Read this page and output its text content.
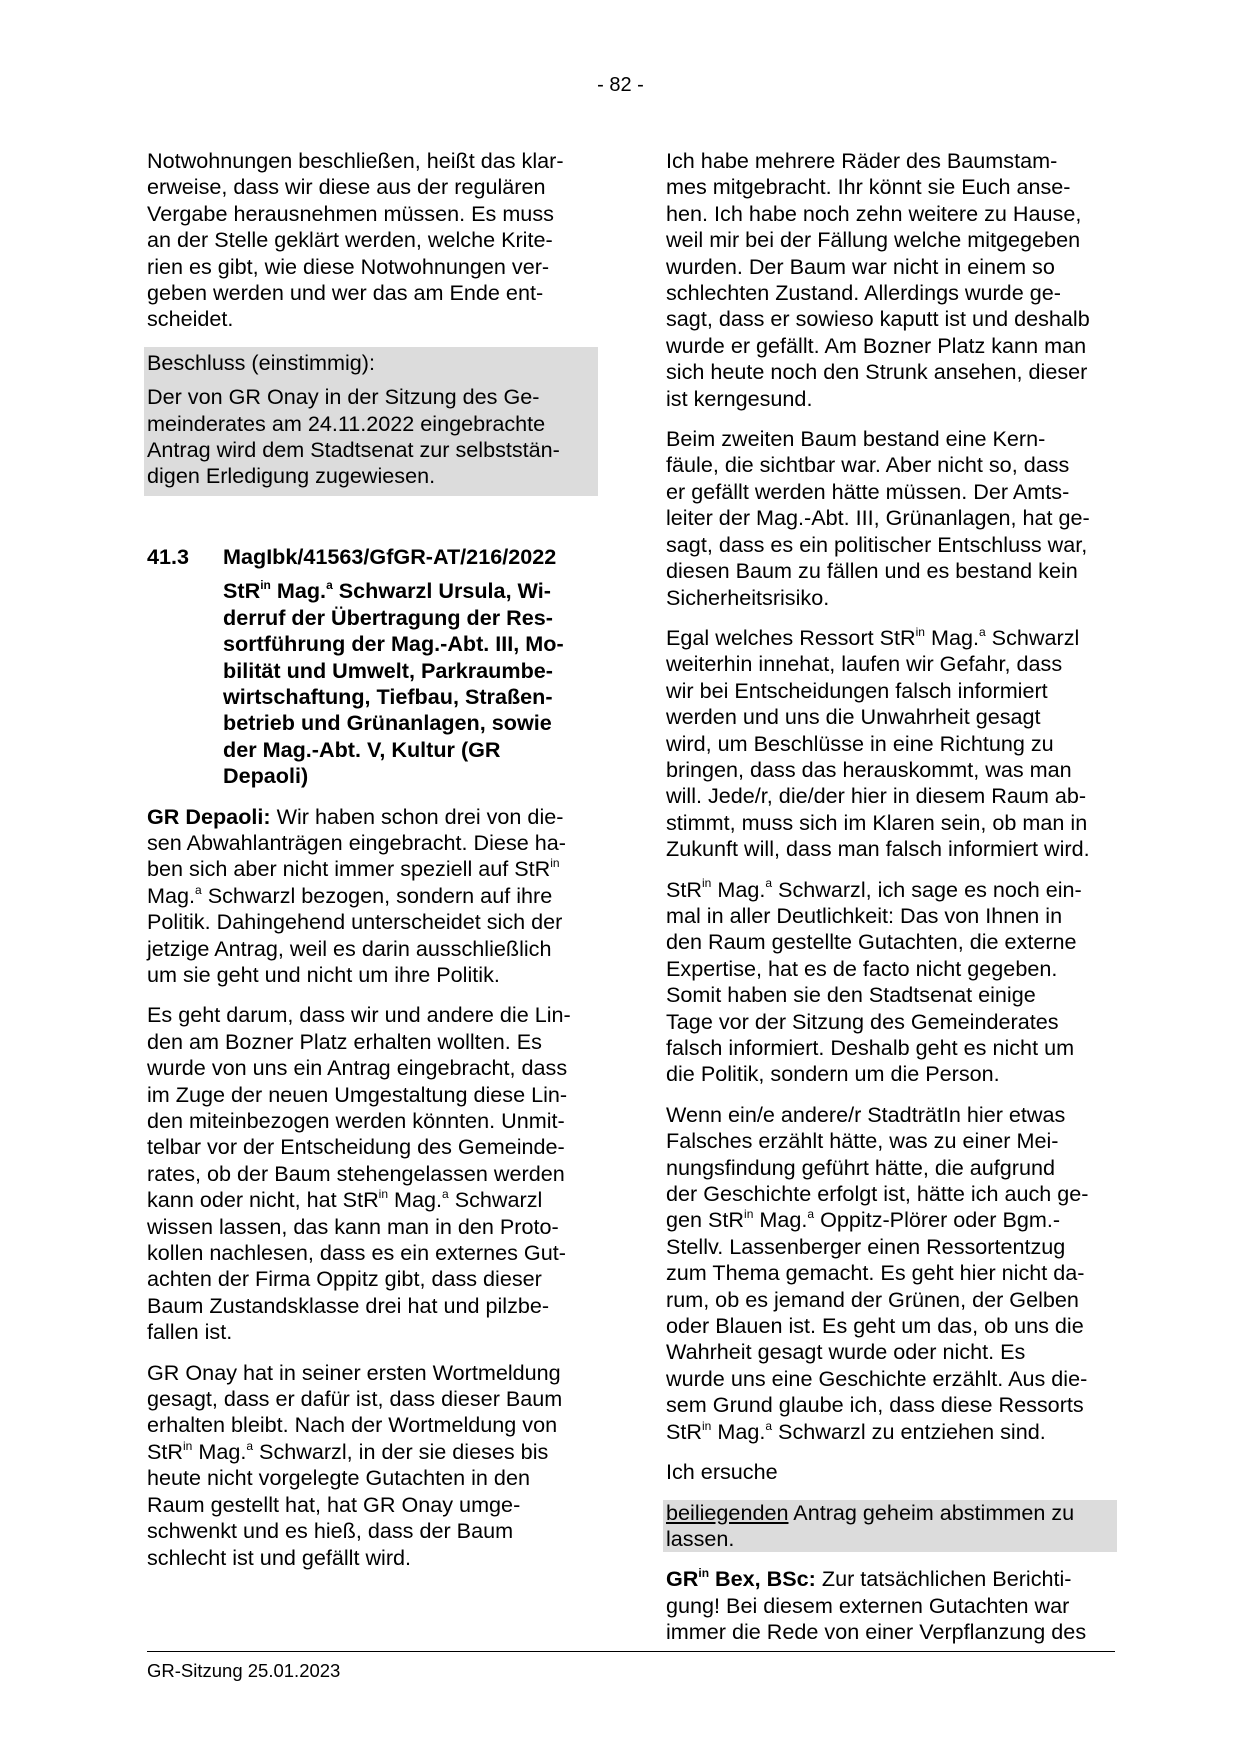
- 82 -

Notwohnungen beschließen, heißt das klar-
erweise, dass wir diese aus der regulären
Vergabe herausnehmen müssen. Es muss
an der Stelle geklärt werden, welche Krite-
rien es gibt, wie diese Notwohnungen ver-
geben werden und wer das am Ende ent-
scheidet.

Beschluss (einstimmig):

Der von GR Onay in der Sitzung des Ge-
meinderates am 24.11.2022 eingebrachte
Antrag wird dem Stadtsenat zur selbststän-
digen Erledigung zugewiesen.

41.3	MagIbk/41563/GfGR-AT/216/2022
StR$^{in}$ Mag.$^a$ Schwarzl Ursula, Wi-
derruf der Übertragung der Res-
sortführung der Mag.-Abt. III, Mo-
bilität und Umwelt, Parkraumbe-
wirtschaftung, Tiefbau, Straßen-
betrieb und Grünanlagen, sowie
der Mag.-Abt. V, Kultur (GR
Depaoli)

GR Depaoli: Wir haben schon drei von die-
sen Abwahlanträgen eingebracht. Diese ha-
ben sich aber nicht immer speziell auf StR$^{in}$
Mag.$^a$ Schwarzl bezogen, sondern auf ihre
Politik. Dahingehend unterscheidet sich der
jetzige Antrag, weil es darin ausschließlich
um sie geht und nicht um ihre Politik.

Es geht darum, dass wir und andere die Lin-
den am Bozner Platz erhalten wollten. Es
wurde von uns ein Antrag eingebracht, dass
im Zuge der neuen Umgestaltung diese Lin-
den miteinbezogen werden könnten. Unmit-
telbar vor der Entscheidung des Gemeinde-
rates, ob der Baum stehengelassen werden
kann oder nicht, hat StR$^{in}$ Mag.$^a$ Schwarzl
wissen lassen, das kann man in den Proto-
kollen nachlesen, dass es ein externes Gut-
achten der Firma Oppitz gibt, dass dieser
Baum Zustandsklasse drei hat und pilzbe-
fallen ist.

GR Onay hat in seiner ersten Wortmeldung
gesagt, dass er dafür ist, dass dieser Baum
erhalten bleibt. Nach der Wortmeldung von
StR$^{in}$ Mag.$^a$ Schwarzl, in der sie dieses bis
heute nicht vorgelegte Gutachten in den
Raum gestellt hat, hat GR Onay umge-
schwenkt und es hieß, dass der Baum
schlecht ist und gefällt wird.

Ich habe mehrere Räder des Baumstam-
mes mitgebracht. Ihr könnt sie Euch anse-
hen. Ich habe noch zehn weitere zu Hause,
weil mir bei der Fällung welche mitgegeben
wurden. Der Baum war nicht in einem so
schlechten Zustand. Allerdings wurde ge-
sagt, dass er sowieso kaputt ist und deshalb
wurde er gefällt. Am Bozner Platz kann man
sich heute noch den Strunk ansehen, dieser
ist kerngesund.

Beim zweiten Baum bestand eine Kern-
fäule, die sichtbar war. Aber nicht so, dass
er gefällt werden hätte müssen. Der Amts-
leiter der Mag.-Abt. III, Grünanlagen, hat ge-
sagt, dass es ein politischer Entschluss war,
diesen Baum zu fällen und es bestand kein
Sicherheitsrisiko.

Egal welches Ressort StR$^{in}$ Mag.$^a$ Schwarzl
weiterhin innehat, laufen wir Gefahr, dass
wir bei Entscheidungen falsch informiert
werden und uns die Unwahrheit gesagt
wird, um Beschlüsse in eine Richtung zu
bringen, dass das herauskommt, was man
will. Jede/r, die/der hier in diesem Raum ab-
stimmt, muss sich im Klaren sein, ob man in
Zukunft will, dass man falsch informiert wird.

StR$^{in}$ Mag.$^a$ Schwarzl, ich sage es noch ein-
mal in aller Deutlichkeit: Das von Ihnen in
den Raum gestellte Gutachten, die externe
Expertise, hat es de facto nicht gegeben.
Somit haben sie den Stadtsenat einige
Tage vor der Sitzung des Gemeinderates
falsch informiert. Deshalb geht es nicht um
die Politik, sondern um die Person.

Wenn ein/e andere/r StadträtIn hier etwas
Falsches erzählt hätte, was zu einer Mei-
nungsfindung geführt hätte, die aufgrund
der Geschichte erfolgt ist, hätte ich auch ge-
gen StR$^{in}$ Mag.$^a$ Oppitz-Plörer oder Bgm.-
Stellv. Lassenberger einen Ressortentzug
zum Thema gemacht. Es geht hier nicht da-
rum, ob es jemand der Grünen, der Gelben
oder Blauen ist. Es geht um das, ob uns die
Wahrheit gesagt wurde oder nicht. Es
wurde uns eine Geschichte erzählt. Aus die-
sem Grund glaube ich, dass diese Ressorts
StR$^{in}$ Mag.$^a$ Schwarzl zu entziehen sind.

Ich ersuche

beiliegenden Antrag geheim abstimmen zu
lassen.

$GR^{in}$ Bex, BSc: Zur tatsächlichen Berichti-
gung! Bei diesem externen Gutachten war
immer die Rede von einer Verpflanzung des

GR-Sitzung 25.01.2023
